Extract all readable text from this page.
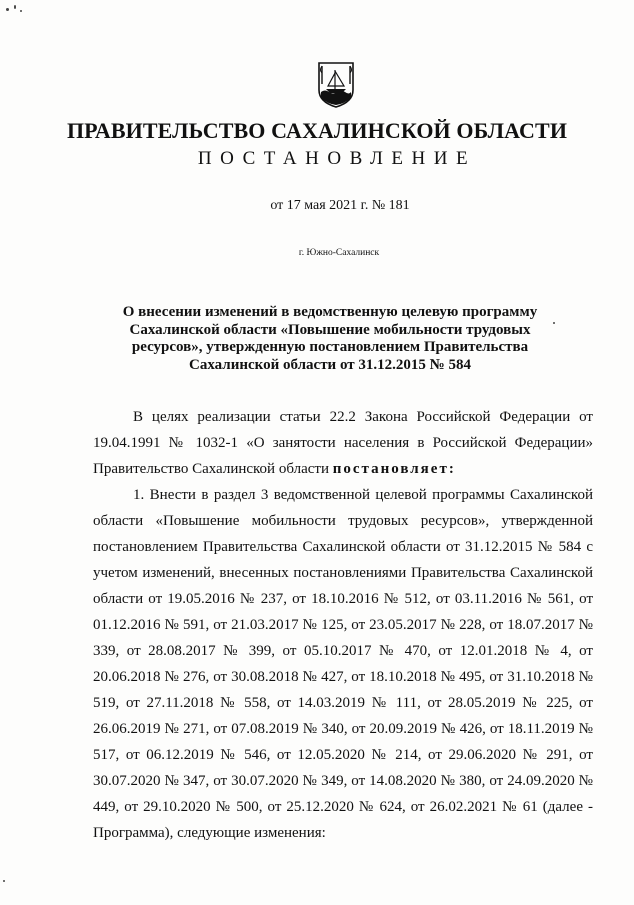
ПРАВИТЕЛЬСТВО САХАЛИНСКОЙ ОБЛАСТИ
ПОСТАНОВЛЕНИЕ
от 17 мая 2021 г. № 181
г. Южно-Сахалинск
О внесении изменений в ведомственную целевую программу Сахалинской области «Повышение мобильности трудовых ресурсов», утвержденную постановлением Правительства Сахалинской области от 31.12.2015 № 584

В целях реализации статьи 22.2 Закона Российской Федерации от 19.04.1991 № 1032-1 «О занятости населения в Российской Федерации» Правительство Сахалинской области постановляет:

1. Внести в раздел 3 ведомственной целевой программы Сахалинской области «Повышение мобильности трудовых ресурсов», утвержденной постановлением Правительства Сахалинской области от 31.12.2015 № 584 с учетом изменений, внесенных постановлениями Правительства Сахалинской области от 19.05.2016 № 237, от 18.10.2016 № 512, от 03.11.2016 № 561, от 01.12.2016 № 591, от 21.03.2017 № 125, от 23.05.2017 № 228, от 18.07.2017 № 339, от 28.08.2017 № 399, от 05.10.2017 № 470, от 12.01.2018 № 4, от 20.06.2018 № 276, от 30.08.2018 № 427, от 18.10.2018 № 495, от 31.10.2018 № 519, от 27.11.2018 № 558, от 14.03.2019 № 111, от 28.05.2019 № 225, от 26.06.2019 № 271, от 07.08.2019 № 340, от 20.09.2019 № 426, от 18.11.2019 № 517, от 06.12.2019 № 546, от 12.05.2020 № 214, от 29.06.2020 № 291, от 30.07.2020 № 347, от 30.07.2020 № 349, от 14.08.2020 № 380, от 24.09.2020 № 449, от 29.10.2020 № 500, от 25.12.2020 № 624, от 26.02.2021 № 61 (далее - Программа), следующие изменения:
